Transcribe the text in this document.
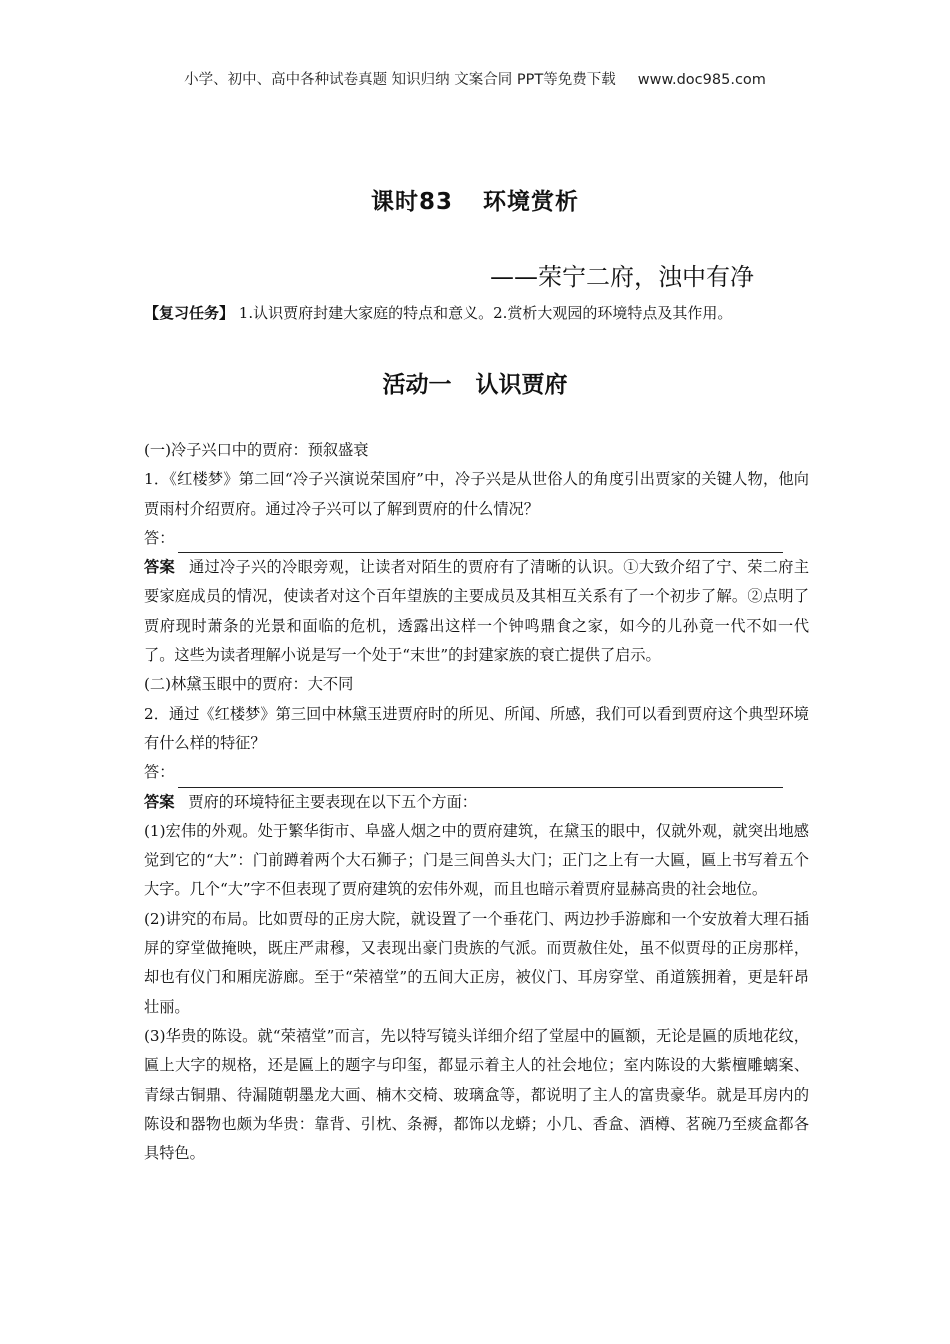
小学、初中、高中各种试卷真题 知识归纳 文案合同 PPT等免费下载 www.doc985.com
课时83 环境赏析
——荣宁二府，浊中有净
【复习任务】 1.认识贾府封建大家庭的特点和意义。2.赏析大观园的环境特点及其作用。
活动一 认识贾府

(一)冷子兴口中的贾府：预叙盛衰

1．《红楼梦》第二回“冷子兴演说荣国府”中，冷子兴是从世俗人的角度引出贾家的关键人物，他向贾雨村介绍贾府。通过冷子兴可以了解到贾府的什么情况？

答：

答案 通过冷子兴的冷眼旁观，让读者对陌生的贾府有了清晰的认识。①大致介绍了宁、荣二府主要家庭成员的情况，使读者对这个百年望族的主要成员及其相互关系有了一个初步了解。②点明了贾府现时萧条的光景和面临的危机，透露出这样一个钟鸣鼎食之家，如今的儿孙竟一代不如一代了。这些为读者理解小说是写一个处于“末世”的封建家族的衰亡提供了启示。

(二)林黛玉眼中的贾府：大不同

2．通过《红楼梦》第三回中林黛玉进贾府时的所见、所闻、所感，我们可以看到贾府这个典型环境有什么样的特征？

答：

答案 贾府的环境特征主要表现在以下五个方面：

(1)宏伟的外观。处于繁华街市、阜盛人烟之中的贾府建筑，在黛玉的眼中，仅就外观，就突出地感觉到它的“大”：门前蹲着两个大石狮子；门是三间兽头大门；正门之上有一大匾，匾上书写着五个大字。几个“大”字不但表现了贾府建筑的宏伟外观，而且也暗示着贾府显赫高贵的社会地位。

(2)讲究的布局。比如贾母的正房大院，就设置了一个垂花门、两边抄手游廊和一个安放着大理石插屏的穿堂做掩映，既庄严肃穆，又表现出豪门贵族的气派。而贾赦住处，虽不似贾母的正房那样，却也有仪门和厢庑游廊。至于“荣禧堂”的五间大正房，被仪门、耳房穿堂、甬道簇拥着，更是轩昂壮丽。

(3)华贵的陈设。就“荣禧堂”而言，先以特写镜头详细介绍了堂屋中的匾额，无论是匾的质地花纹，匾上大字的规格，还是匾上的题字与印玺，都显示着主人的社会地位；室内陈设的大紫檀雕螭案、青绿古铜鼎、待漏随朝墨龙大画、楠木交椅、玻璃盒等，都说明了主人的富贵豪华。就是耳房内的陈设和器物也颇为华贵：靠背、引枕、条褥，都饰以龙蟒；小几、香盒、酒樽、茗碗乃至痰盒都各具特色。
